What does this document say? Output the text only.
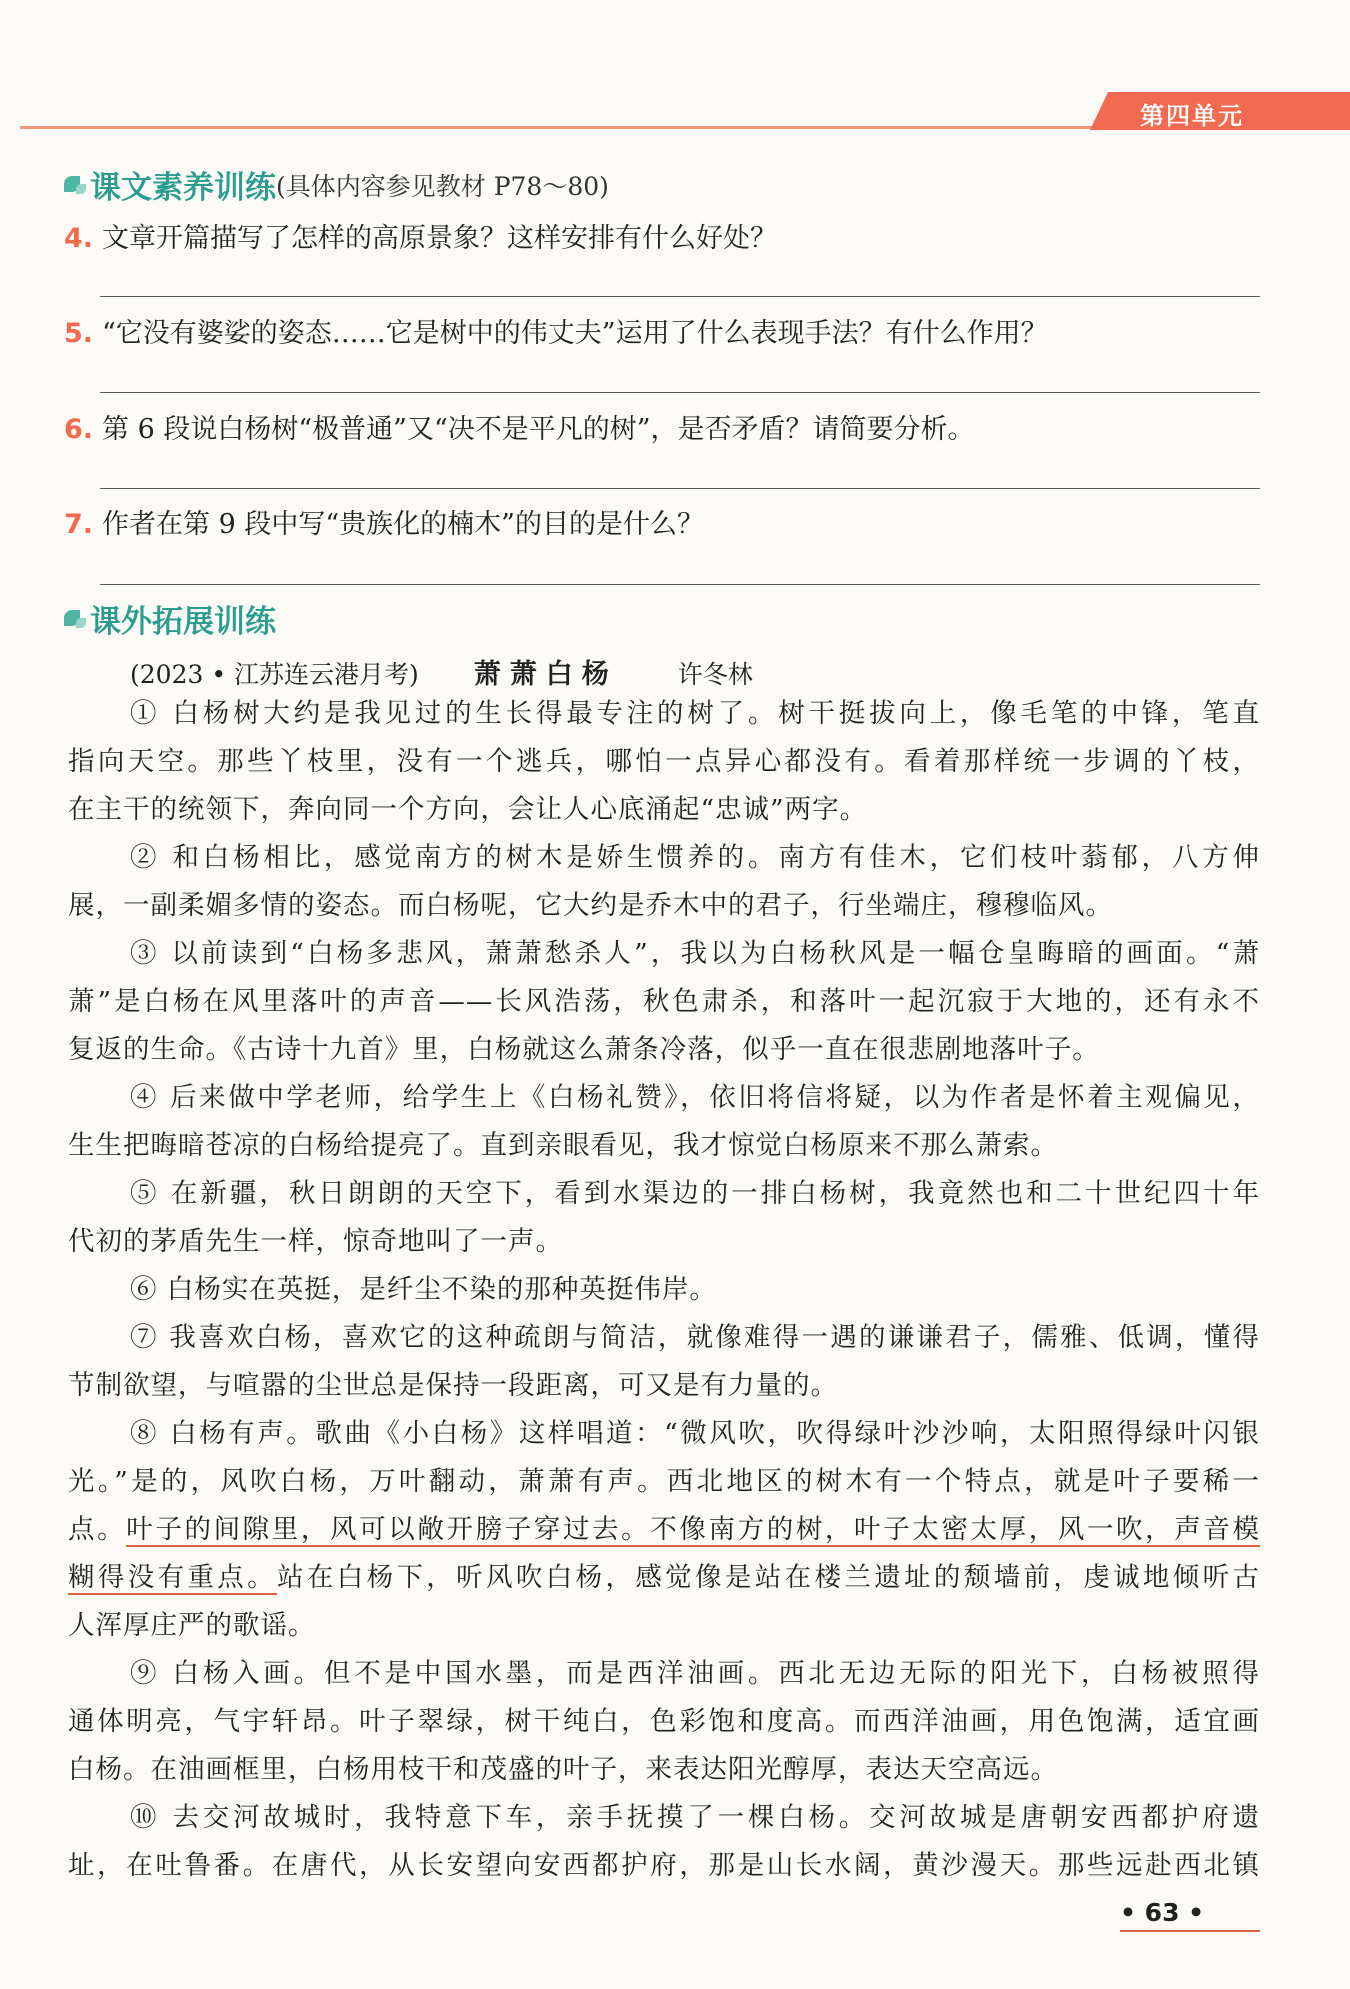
第四单元
课文素养训练 (具体内容参见教材 P78～80)
4. 文章开篇描写了怎样的高原景象？这样安排有什么好处？
5. “它没有婆娑的姿态……它是树中的伟丈夫”运用了什么表现手法？有什么作用？
6. 第 6 段说白杨树“极普通”又“决不是平凡的树”，是否矛盾？请简要分析。
7. 作者在第 9 段中写“贵族化的楠木”的目的是什么？
课外拓展训练
(2023 • 江苏连云港月考) 萧萧白杨 许冬林
① 白杨树大约是我见过的生长得最专注的树了。树干挺拔向上，像毛笔的中锋，笔直
指向天空。那些丫枝里，没有一个逃兵，哪怕一点异心都没有。看着那样统一步调的丫枝，
在主干的统领下，奔向同一个方向，会让人心底涌起“忠诚”两字。
② 和白杨相比，感觉南方的树木是娇生惯养的。南方有佳木，它们枝叶蓊郁，八方伸
展，一副柔媚多情的姿态。而白杨呢，它大约是乔木中的君子，行坐端庄，穆穆临风。
③ 以前读到“白杨多悲风，萧萧愁杀人”，我以为白杨秋风是一幅仓皇晦暗的画面。“萧
萧”是白杨在风里落叶的声音——长风浩荡，秋色肃杀，和落叶一起沉寂于大地的，还有永不
复返的生命。《古诗十九首》里，白杨就这么萧条冷落，似乎一直在很悲剧地落叶子。
④ 后来做中学老师，给学生上《白杨礼赞》，依旧将信将疑，以为作者是怀着主观偏见，
生生把晦暗苍凉的白杨给提亮了。直到亲眼看见，我才惊觉白杨原来不那么萧索。
⑤ 在新疆，秋日朗朗的天空下，看到水渠边的一排白杨树，我竟然也和二十世纪四十年
代初的茅盾先生一样，惊奇地叫了一声。
⑥ 白杨实在英挺，是纤尘不染的那种英挺伟岸。
⑦ 我喜欢白杨，喜欢它的这种疏朗与简洁，就像难得一遇的谦谦君子，儒雅、低调，懂得
节制欲望，与喧嚣的尘世总是保持一段距离，可又是有力量的。
⑧ 白杨有声。歌曲《小白杨》这样唱道：“微风吹，吹得绿叶沙沙响，太阳照得绿叶闪银
光。”是的，风吹白杨，万叶翻动，萧萧有声。西北地区的树木有一个特点，就是叶子要稀一
点。叶子的间隙里，风可以敞开膀子穿过去。不像南方的树，叶子太密太厚，风一吹，声音模
糊得没有重点。站在白杨下，听风吹白杨，感觉像是站在楼兰遗址的颓墙前，虔诚地倾听古
人浑厚庄严的歌谣。
⑨ 白杨入画。但不是中国水墨，而是西洋油画。西北无边无际的阳光下，白杨被照得
通体明亮，气宇轩昂。叶子翠绿，树干纯白，色彩饱和度高。而西洋油画，用色饱满，适宜画
白杨。在油画框里，白杨用枝干和茂盛的叶子，来表达阳光醇厚，表达天空高远。
⑩ 去交河故城时，我特意下车，亲手抚摸了一棵白杨。交河故城是唐朝安西都护府遗
址，在吐鲁番。在唐代，从长安望向安西都护府，那是山长水阔，黄沙漫天。那些远赴西北镇
• 63 •
